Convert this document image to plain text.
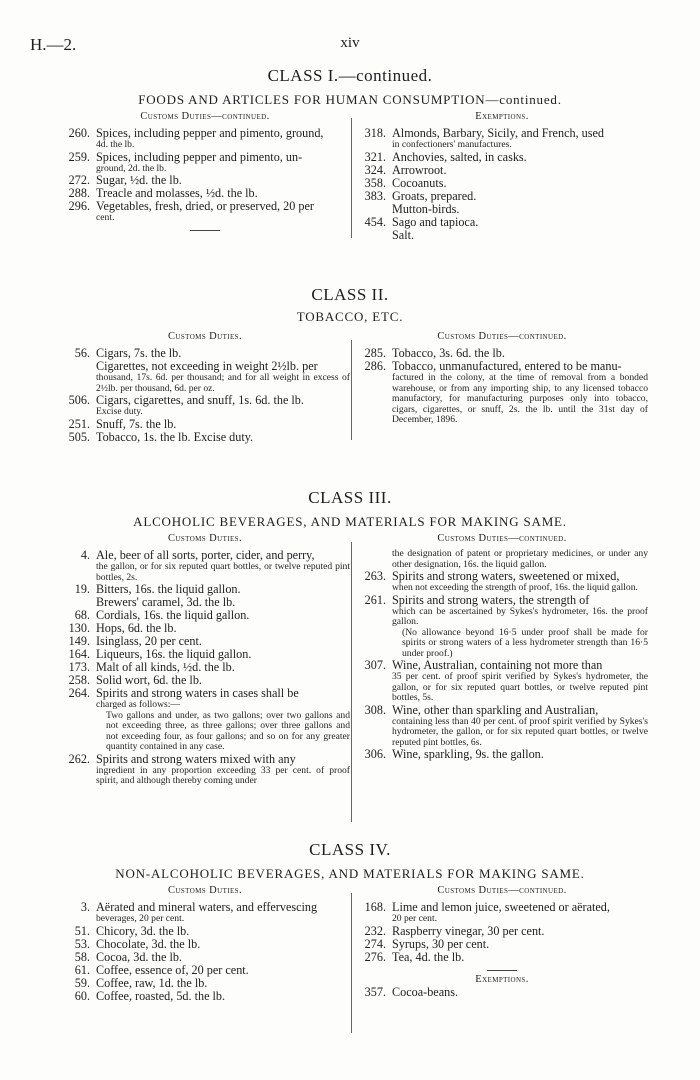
H.—2.	xiv
CLASS I.—continued.
FOODS AND ARTICLES FOR HUMAN CONSUMPTION—continued.
Customs Duties—continued.
260. Spices, including pepper and pimento, ground,
4d. the lb.
259. Spices, including pepper and pimento, un-
ground, 2d. the lb.
272. Sugar, ½d. the lb.
288. Treacle and molasses, ½d. the lb.
296. Vegetables, fresh, dried, or preserved, 20 per
cent.
Exemptions.
318. Almonds, Barbary, Sicily, and French, used
in confectioners' manufactures.
321. Anchovies, salted, in casks.
324. Arrowroot.
358. Cocoanuts.
383. Groats, prepared.
Mutton-birds.
454. Sago and tapioca.
Salt.
CLASS II.
TOBACCO, ETC.
Customs Duties.
56. Cigars, 7s. the lb.
Cigarettes, not exceeding in weight 2½lb. per
thousand, 17s. 6d. per thousand; and for all weight in excess of 2½lb. per thousand, 6d. per oz.
506. Cigars, cigarettes, and snuff, 1s. 6d. the lb.
Excise duty.
251. Snuff, 7s. the lb.
505. Tobacco, 1s. the lb. Excise duty.
Customs Duties—continued.
285. Tobacco, 3s. 6d. the lb.
286. Tobacco, unmanufactured, entered to be manu-
factured in the colony, at the time of removal from a bonded warehouse, or from any importing ship, to any licensed tobacco manufactory, for manufacturing purposes only into tobacco, cigars, cigarettes, or snuff, 2s. the lb. until the 31st day of December, 1896.
CLASS III.
ALCOHOLIC BEVERAGES, AND MATERIALS FOR MAKING SAME.
Customs Duties.
4. Ale, beer of all sorts, porter, cider, and perry,
the gallon, or for six reputed quart bottles, or twelve reputed pint bottles, 2s.
19. Bitters, 16s. the liquid gallon.
Brewers' caramel, 3d. the lb.
68. Cordials, 16s. the liquid gallon.
130. Hops, 6d. the lb.
149. Isinglass, 20 per cent.
164. Liqueurs, 16s. the liquid gallon.
173. Malt of all kinds, ½d. the lb.
258. Solid wort, 6d. the lb.
264. Spirits and strong waters in cases shall be
charged as follows:—
Two gallons and under, as two gallons; over two gallons and not exceeding three, as three gallons; over three gallons and not exceeding four, as four gallons; and so on for any greater quantity contained in any case.
262. Spirits and strong waters mixed with any
ingredient in any proportion exceeding 33 per cent. of proof spirit, and although thereby coming under
Customs Duties—continued.
the designation of patent or proprietary medicines, or under any other designation, 16s. the liquid gallon.
263. Spirits and strong waters, sweetened or mixed,
when not exceeding the strength of proof, 16s. the liquid gallon.
261. Spirits and strong waters, the strength of
which can be ascertained by Sykes's hydrometer, 16s. the proof gallon.
(No allowance beyond 16·5 under proof shall be made for spirits or strong waters of a less hydrometer strength than 16·5 under proof.)
307. Wine, Australian, containing not more than
35 per cent. of proof spirit verified by Sykes's hydrometer, the gallon, or for six reputed quart bottles, or twelve reputed pint bottles, 5s.
308. Wine, other than sparkling and Australian,
containing less than 40 per cent. of proof spirit verified by Sykes's hydrometer, the gallon, or for six reputed quart bottles, or twelve reputed pint bottles, 6s.
306. Wine, sparkling, 9s. the gallon.
CLASS IV.
NON-ALCOHOLIC BEVERAGES, AND MATERIALS FOR MAKING SAME.
Customs Duties.
3. Aërated and mineral waters, and effervescing
beverages, 20 per cent.
51. Chicory, 3d. the lb.
53. Chocolate, 3d. the lb.
58. Cocoa, 3d. the lb.
61. Coffee, essence of, 20 per cent.
59. Coffee, raw, 1d. the lb.
60. Coffee, roasted, 5d. the lb.
Customs Duties—continued.
168. Lime and lemon juice, sweetened or aërated,
20 per cent.
232. Raspberry vinegar, 30 per cent.
274. Syrups, 30 per cent.
276. Tea, 4d. the lb.
Exemptions.
357. Cocoa-beans.
